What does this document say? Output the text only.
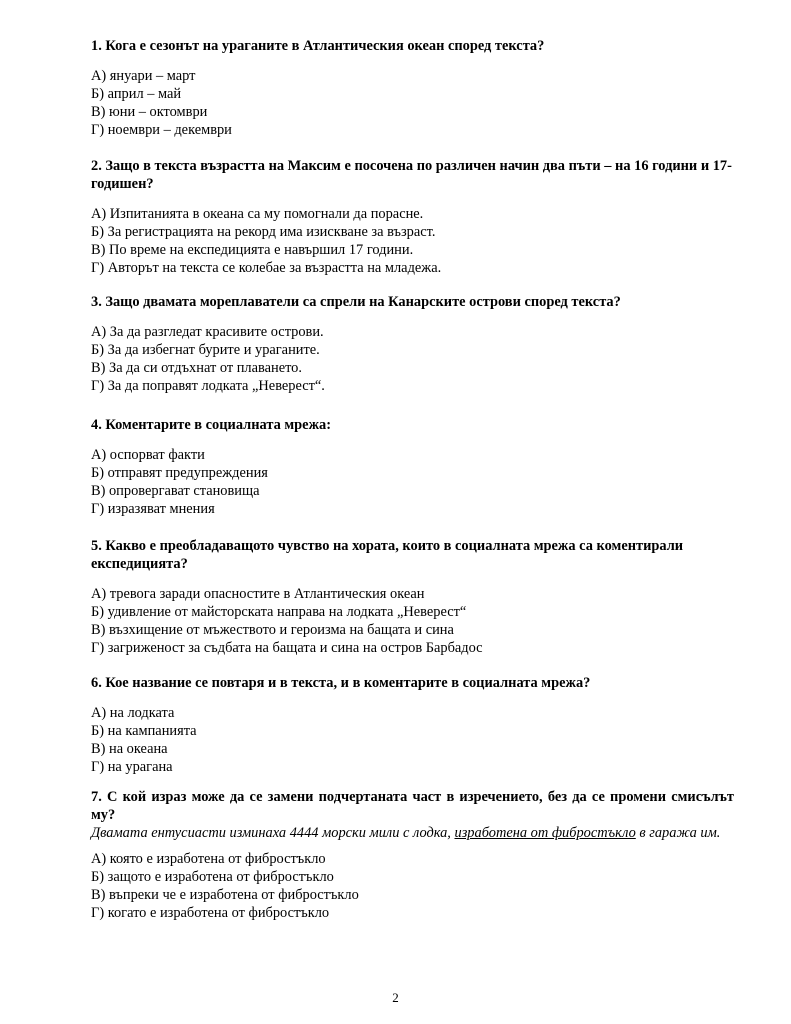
1. Кога е сезонът на ураганите в Атлантическия океан според текста?

А) януари – март
Б) април – май
В) юни – октомври
Г) ноември – декември

2. Защо в текста възрастта на Максим е посочена по различен начин два пъти – на 16 години и 17-годишен?

А) Изпитанията в океана са му помогнали да порасне.
Б) За регистрацията на рекорд има изискване за възраст.
В) По време на експедицията е навършил 17 години.
Г) Авторът на текста се колебае за възрастта на младежа.

3. Защо двамата мореплаватели са спрели на Канарските острови според текста?

А) За да разгледат красивите острови.
Б) За да избегнат бурите и ураганите.
В) За да си отдъхнат от плаването.
Г) За да поправят лодката „Неверест“.

4. Коментарите в социалната мрежа:

А) оспорват факти
Б) отправят предупреждения
В) опровергават становища
Г) изразяват мнения

5. Какво е преобладаващото чувство на хората, които в социалната мрежа са коментирали експедицията?

А) тревога заради опасностите в Атлантическия океан
Б) удивление от майсторската направа на лодката „Неверест“
В) възхищение от мъжеството и героизма на бащата и сина
Г) загриженост за съдбата на бащата и сина на остров Барбадос

6. Кое название се повтаря и в текста, и в коментарите в социалната мрежа?

А) на лодката
Б) на кампанията
В) на океана
Г) на урагана

7. С кой израз може да се замени подчертаната част в изречението, без да се промени смисълът му?

Двамата ентусиасти изминаха 4444 морски мили с лодка, изработена от фибростъкло в гаража им.

А) която е изработена от фибростъкло
Б) защото е изработена от фибростъкло
В) въпреки че е изработена от фибростъкло
Г) когато е изработена от фибростъкло
2
